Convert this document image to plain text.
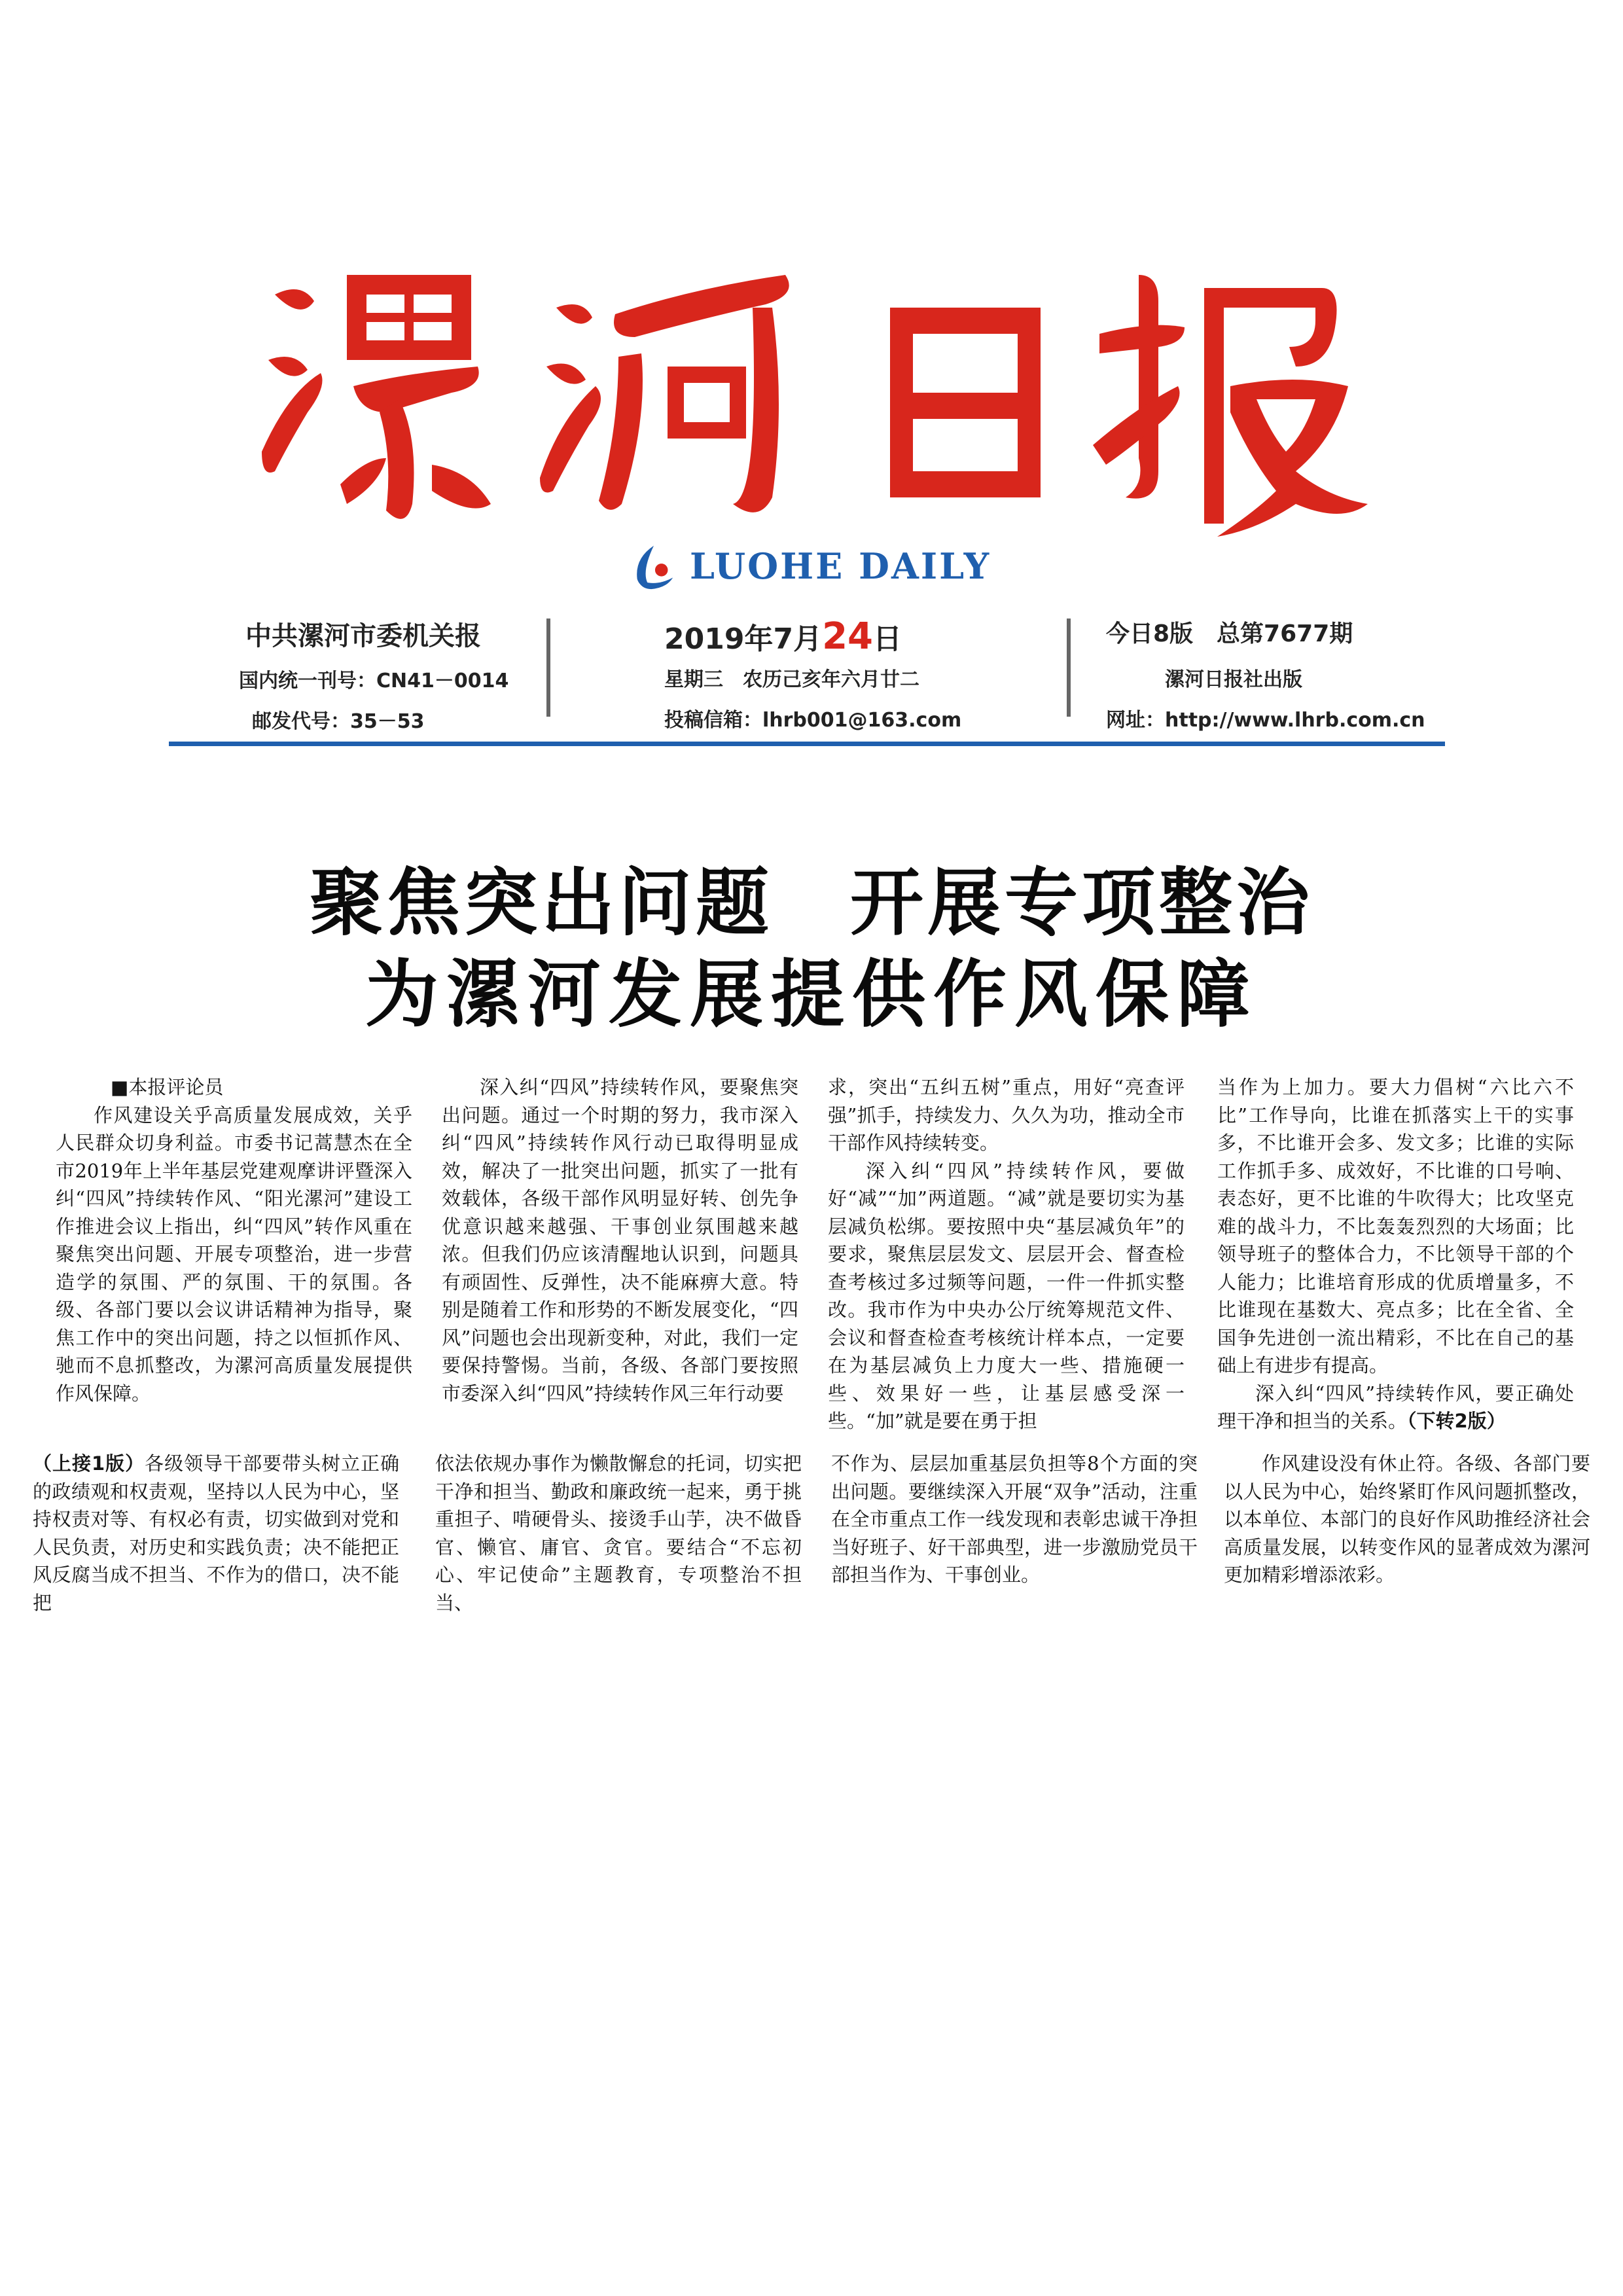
LUOHE DAILY
中共漯河市委机关报
国内统一刊号：CN41－0014
邮发代号：35－53
2019年7月24日
星期三　农历己亥年六月廿二
投稿信箱：lhrb001@163.com
今日8版　总第7677期
漯河日报社出版
网址：http://www.lhrb.com.cn
聚焦突出问题　开展专项整治
为漯河发展提供作风保障

■本报评论员

作风建设关乎高质量发展成效，关乎人民群众切身利益。市委书记蒿慧杰在全市2019年上半年基层党建观摩讲评暨深入纠“四风”持续转作风、“阳光漯河”建设工作推进会议上指出，纠“四风”转作风重在聚焦突出问题、开展专项整治，进一步营造学的氛围、严的氛围、干的氛围。各级、各部门要以会议讲话精神为指导，聚焦工作中的突出问题，持之以恒抓作风、驰而不息抓整改，为漯河高质量发展提供作风保障。

深入纠“四风”持续转作风，要聚焦突出问题。通过一个时期的努力，我市深入纠“四风”持续转作风行动已取得明显成效，解决了一批突出问题，抓实了一批有效载体，各级干部作风明显好转、创先争优意识越来越强、干事创业氛围越来越浓。但我们仍应该清醒地认识到，问题具有顽固性、反弹性，决不能麻痹大意。特别是随着工作和形势的不断发展变化，“四风”问题也会出现新变种，对此，我们一定要保持警惕。当前，各级、各部门要按照市委深入纠“四风”持续转作风三年行动要

求，突出“五纠五树”重点，用好“亮查评强”抓手，持续发力、久久为功，推动全市干部作风持续转变。

深入纠“四风”持续转作风，要做好“减”“加”两道题。“减”就是要切实为基层减负松绑。要按照中央“基层减负年”的要求，聚焦层层发文、层层开会、督查检查考核过多过频等问题，一件一件抓实整改。我市作为中央办公厅统筹规范文件、会议和督查检查考核统计样本点，一定要在为基层减负上力度大一些、措施硬一些、效果好一些，让基层感受深一些。“加”就是要在勇于担

当作为上加力。要大力倡树“六比六不比”工作导向，比谁在抓落实上干的实事多，不比谁开会多、发文多；比谁的实际工作抓手多、成效好，不比谁的口号响、表态好，更不比谁的牛吹得大；比攻坚克难的战斗力，不比轰轰烈烈的大场面；比领导班子的整体合力，不比领导干部的个人能力；比谁培育形成的优质增量多，不比谁现在基数大、亮点多；比在全省、全国争先进创一流出精彩，不比在自己的基础上有进步有提高。

深入纠“四风”持续转作风，要正确处理干净和担当的关系。（下转2版）

（上接1版）各级领导干部要带头树立正确的政绩观和权责观，坚持以人民为中心，坚持权责对等、有权必有责，切实做到对党和人民负责，对历史和实践负责；决不能把正风反腐当成不担当、不作为的借口，决不能把

依法依规办事作为懒散懈怠的托词，切实把干净和担当、勤政和廉政统一起来，勇于挑重担子、啃硬骨头、接烫手山芋，决不做昏官、懒官、庸官、贪官。要结合“不忘初心、牢记使命”主题教育，专项整治不担当、

不作为、层层加重基层负担等8个方面的突出问题。要继续深入开展“双争”活动，注重在全市重点工作一线发现和表彰忠诚干净担当好班子、好干部典型，进一步激励党员干部担当作为、干事创业。

作风建设没有休止符。各级、各部门要以人民为中心，始终紧盯作风问题抓整改，以本单位、本部门的良好作风助推经济社会高质量发展，以转变作风的显著成效为漯河更加精彩增添浓彩。
